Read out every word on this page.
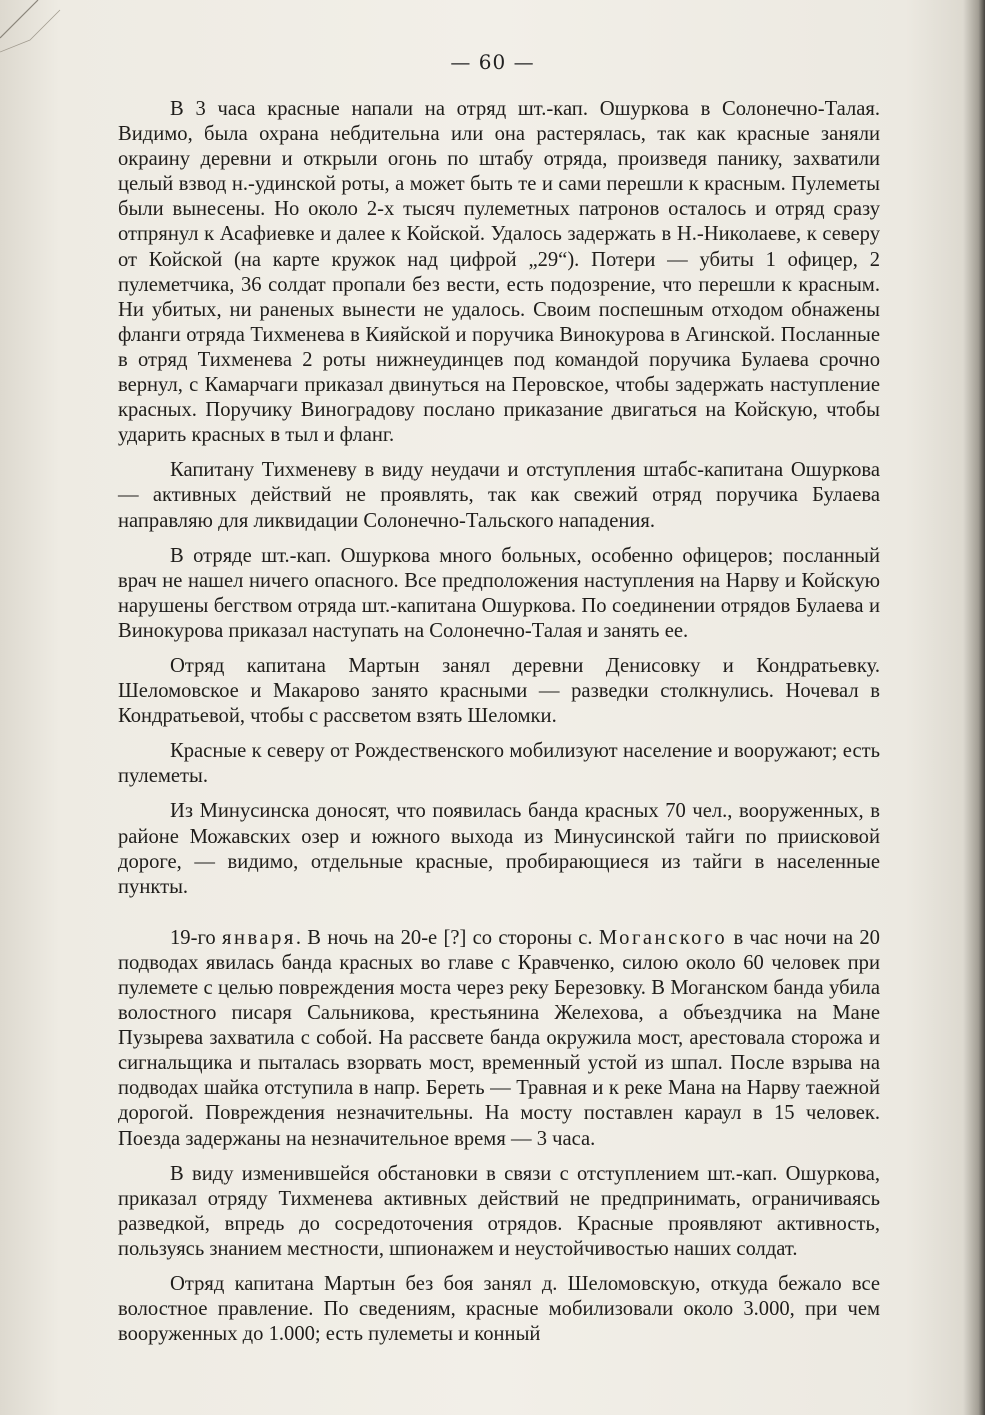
— 60 —

В 3 часа красные напали на отряд шт.-кап. Ошуркова в Солонечно-Талая. Видимо, была охрана небдительна или она растерялась, так как красные заняли окраину деревни и открыли огонь по штабу отряда, произведя панику, захватили целый взвод н.-удинской роты, а может быть те и сами перешли к красным. Пулеметы были вынесены. Но около 2-х тысяч пулеметных патронов осталось и отряд сразу отпрянул к Асафиевке и далее к Койской. Удалось задержать в Н.-Николаеве, к северу от Койской (на карте кружок над цифрой „29“). Потери — убиты 1 офицер, 2 пулеметчика, 36 солдат пропали без вести, есть подозрение, что перешли к красным. Ни убитых, ни раненых вынести не удалось. Своим поспешным отходом обнажены фланги отряда Тихменева в Кияйской и поручика Винокурова в Агинской. Посланные в отряд Тихменева 2 роты нижнеудинцев под командой поручика Булаева срочно вернул, с Камарчаги приказал двинуться на Перовское, чтобы задержать наступление красных. Поручику Виноградову послано приказание двигаться на Койскую, чтобы ударить красных в тыл и фланг.

Капитану Тихменеву в виду неудачи и отступления штабс-капитана Ошуркова — активных действий не проявлять, так как свежий отряд поручика Булаева направляю для ликвидации Солонечно-Тальского нападения.

В отряде шт.-кап. Ошуркова много больных, особенно офицеров; посланный врач не нашел ничего опасного. Все предположения наступления на Нарву и Койскую нарушены бегством отряда шт.-капитана Ошуркова. По соединении отрядов Булаева и Винокурова приказал наступать на Солонечно-Талая и занять ее.

Отряд капитана Мартын занял деревни Денисовку и Кондратьевку. Шеломовское и Макарово занято красными — разведки столкнулись. Ночевал в Кондратьевой, чтобы с рассветом взять Шеломки.

Красные к северу от Рождественского мобилизуют население и вооружают; есть пулеметы.

Из Минусинска доносят, что появилась банда красных 70 чел., вооруженных, в районе Можавских озер и южного выхода из Минусинской тайги по приисковой дороге, — видимо, отдельные красные, пробирающиеся из тайги в населенные пункты.

19-го января. В ночь на 20-е [?] со стороны с. Моганского в час ночи на 20 подводах явилась банда красных во главе с Кравченко, силою около 60 человек при пулемете с целью повреждения моста через реку Березовку. В Моганском банда убила волостного писаря Сальникова, крестьянина Желехова, а объездчика на Мане Пузырева захватила с собой. На рассвете банда окружила мост, арестовала сторожа и сигнальщика и пыталась взорвать мост, временный устой из шпал. После взрыва на подводах шайка отступила в напр. Береть — Травная и к реке Мана на Нарву таежной дорогой. Повреждения незначительны. На мосту поставлен караул в 15 человек. Поезда задержаны на незначительное время — 3 часа.

В виду изменившейся обстановки в связи с отступлением шт.-кап. Ошуркова, приказал отряду Тихменева активных действий не предпринимать, ограничиваясь разведкой, впредь до сосредоточения отрядов. Красные проявляют активность, пользуясь знанием местности, шпионажем и неустойчивостью наших солдат.

Отряд капитана Мартын без боя занял д. Шеломовскую, откуда бежало все волостное правление. По сведениям, красные мобилизовали около 3.000, при чем вооруженных до 1.000; есть пулеметы и конный
